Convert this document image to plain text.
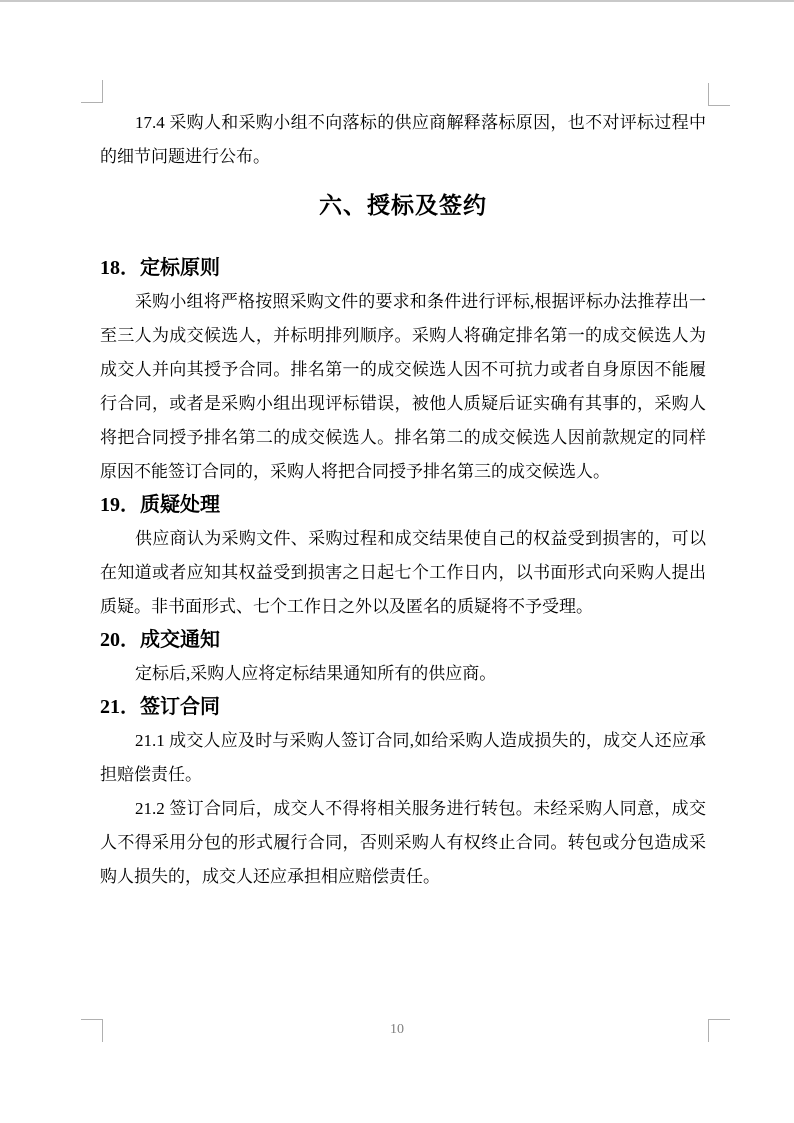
17.4 采购人和采购小组不向落标的供应商解释落标原因，也不对评标过程中的细节问题进行公布。

六、授标及签约
18．定标原则

采购小组将严格按照采购文件的要求和条件进行评标,根据评标办法推荐出一至三人为成交候选人，并标明排列顺序。采购人将确定排名第一的成交候选人为成交人并向其授予合同。排名第一的成交候选人因不可抗力或者自身原因不能履行合同，或者是采购小组出现评标错误，被他人质疑后证实确有其事的，采购人将把合同授予排名第二的成交候选人。排名第二的成交候选人因前款规定的同样原因不能签订合同的，采购人将把合同授予排名第三的成交候选人。

19．质疑处理

供应商认为采购文件、采购过程和成交结果使自己的权益受到损害的，可以在知道或者应知其权益受到损害之日起七个工作日内，以书面形式向采购人提出质疑。非书面形式、七个工作日之外以及匿名的质疑将不予受理。

20．成交通知

定标后,采购人应将定标结果通知所有的供应商。

21．签订合同

21.1 成交人应及时与采购人签订合同,如给采购人造成损失的，成交人还应承担赔偿责任。

21.2 签订合同后，成交人不得将相关服务进行转包。未经采购人同意，成交人不得采用分包的形式履行合同，否则采购人有权终止合同。转包或分包造成采购人损失的，成交人还应承担相应赔偿责任。

10
